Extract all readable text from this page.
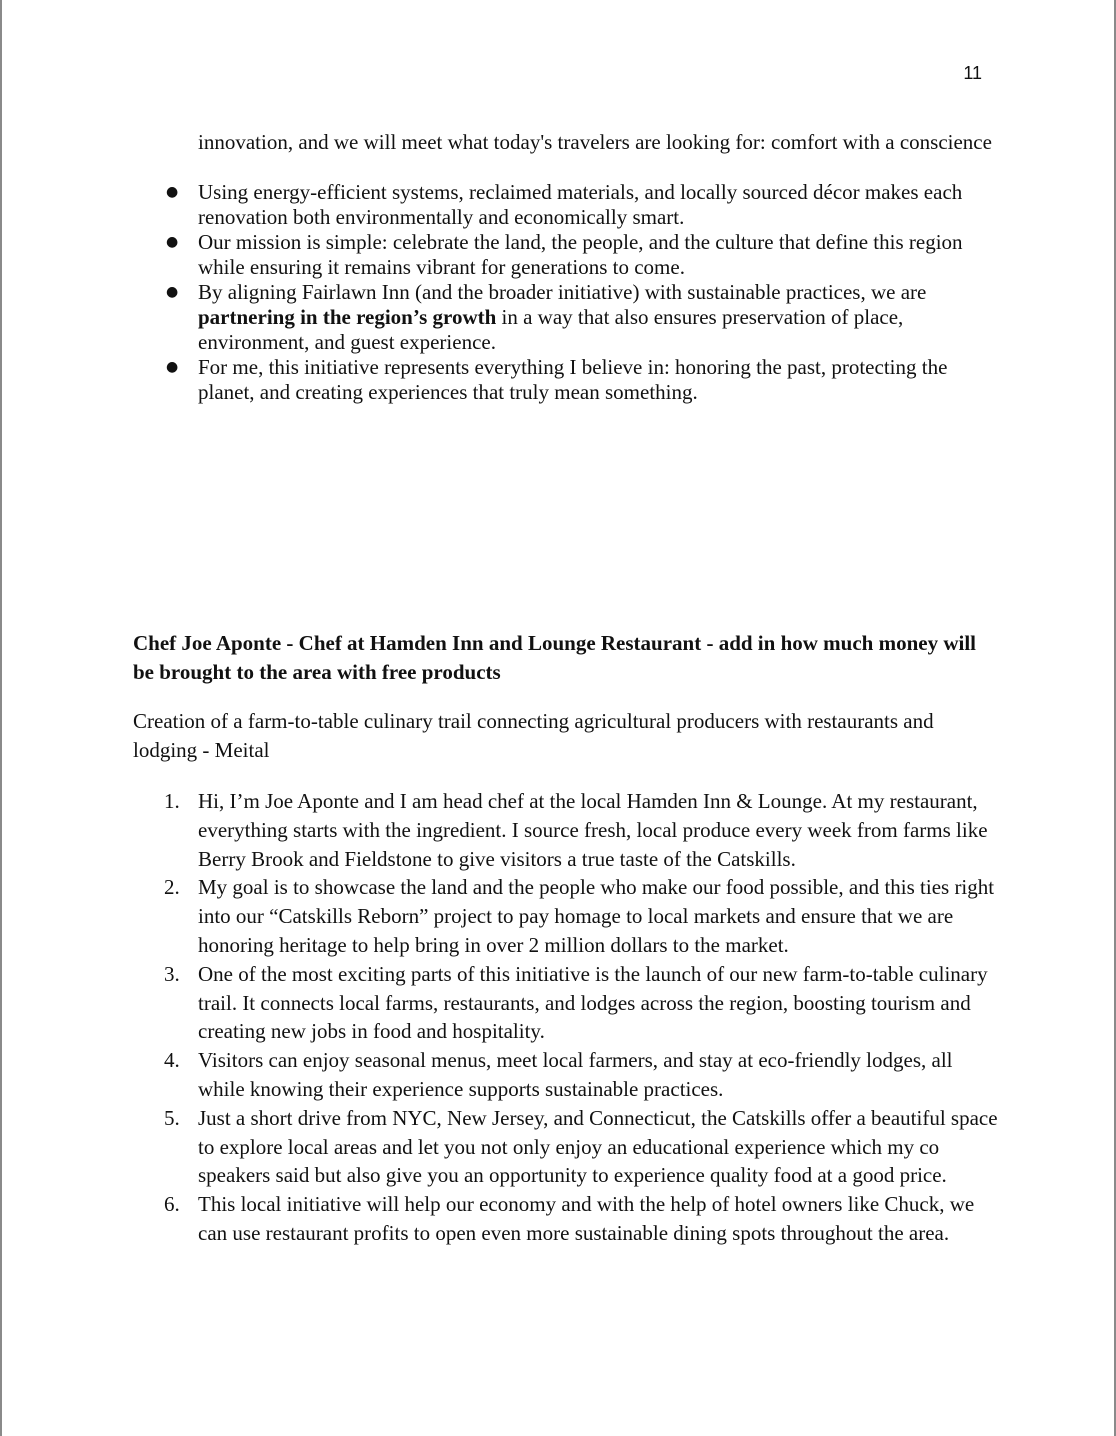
11
innovation, and we will meet what today's travelers are looking for: comfort with a conscience
● Using energy-efficient systems, reclaimed materials, and locally sourced décor makes each renovation both environmentally and economically smart.
● Our mission is simple: celebrate the land, the people, and the culture that define this region while ensuring it remains vibrant for generations to come.
● By aligning Fairlawn Inn (and the broader initiative) with sustainable practices, we are partnering in the region’s growth in a way that also ensures preservation of place, environment, and guest experience.
● For me, this initiative represents everything I believe in: honoring the past, protecting the planet, and creating experiences that truly mean something.
Chef Joe Aponte - Chef at Hamden Inn and Lounge Restaurant - add in how much money will be brought to the area with free products
Creation of a farm-to-table culinary trail connecting agricultural producers with restaurants and lodging - Meital
1. Hi, I’m Joe Aponte and I am head chef at the local Hamden Inn & Lounge. At my restaurant, everything starts with the ingredient. I source fresh, local produce every week from farms like Berry Brook and Fieldstone to give visitors a true taste of the Catskills.
2. My goal is to showcase the land and the people who make our food possible, and this ties right into our “Catskills Reborn” project to pay homage to local markets and ensure that we are honoring heritage to help bring in over 2 million dollars to the market.
3. One of the most exciting parts of this initiative is the launch of our new farm-to-table culinary trail. It connects local farms, restaurants, and lodges across the region, boosting tourism and creating new jobs in food and hospitality.
4. Visitors can enjoy seasonal menus, meet local farmers, and stay at eco-friendly lodges, all while knowing their experience supports sustainable practices.
5. Just a short drive from NYC, New Jersey, and Connecticut, the Catskills offer a beautiful space to explore local areas and let you not only enjoy an educational experience which my co speakers said but also give you an opportunity to experience quality food at a good price.
6. This local initiative will help our economy and with the help of hotel owners like Chuck, we can use restaurant profits to open even more sustainable dining spots throughout the area.
